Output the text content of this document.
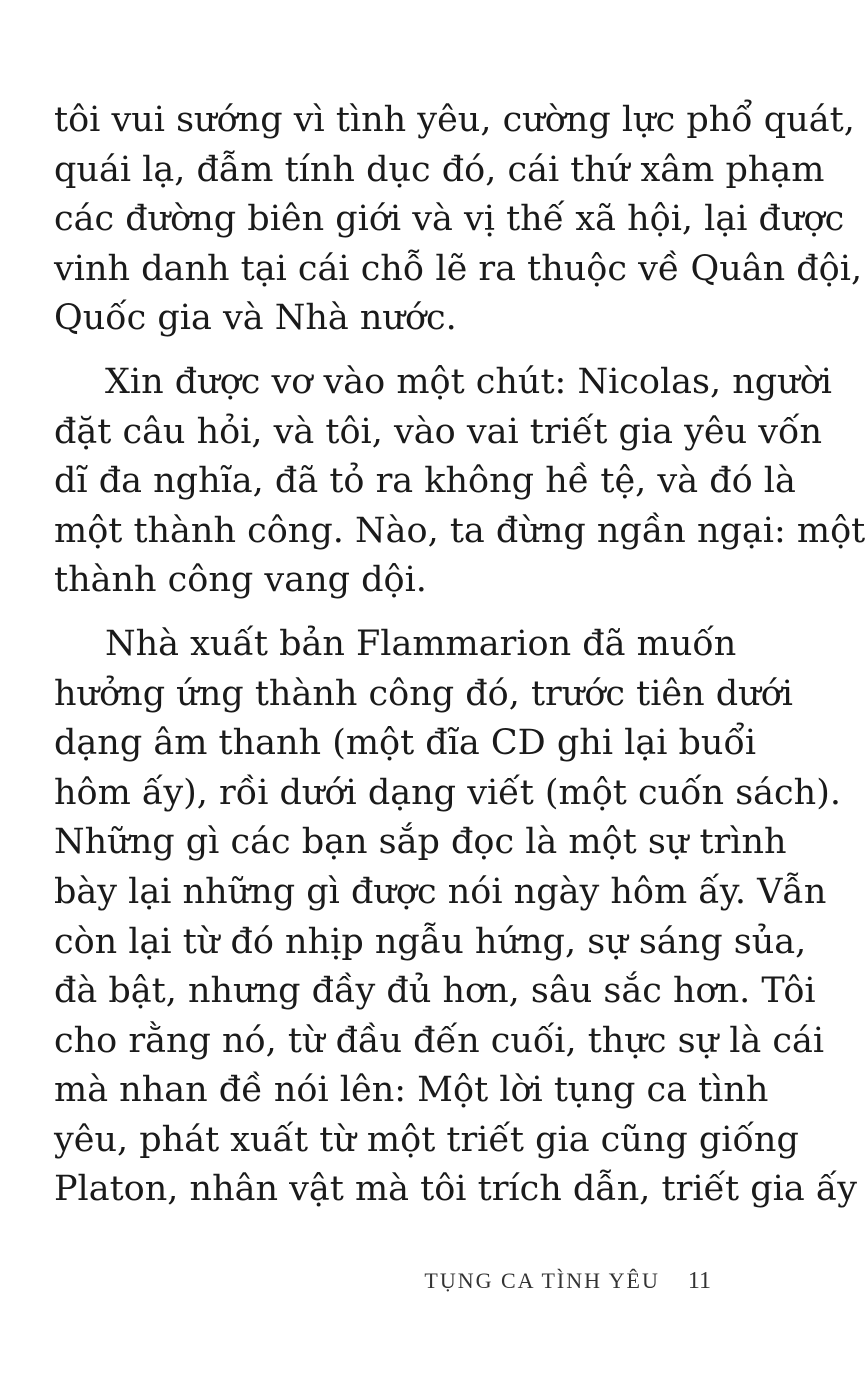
tôi vui sướng vì tình yêu, cường lực phổ quát,
quái lạ, đẫm tính dục đó, cái thứ xâm phạm
các đường biên giới và vị thế xã hội, lại được
vinh danh tại cái chỗ lẽ ra thuộc về Quân đội,
Quốc gia và Nhà nước.

Xin được vơ vào một chút: Nicolas, người
đặt câu hỏi, và tôi, vào vai triết gia yêu vốn
dĩ đa nghĩa, đã tỏ ra không hề tệ, và đó là
một thành công. Nào, ta đừng ngần ngại: một
thành công vang dội.

Nhà xuất bản Flammarion đã muốn
hưởng ứng thành công đó, trước tiên dưới
dạng âm thanh (một đĩa CD ghi lại buổi
hôm ấy), rồi dưới dạng viết (một cuốn sách).
Những gì các bạn sắp đọc là một sự trình
bày lại những gì được nói ngày hôm ấy. Vẫn
còn lại từ đó nhịp ngẫu hứng, sự sáng sủa,
đà bật, nhưng đầy đủ hơn, sâu sắc hơn. Tôi
cho rằng nó, từ đầu đến cuối, thực sự là cái
mà nhan đề nói lên: Một lời tụng ca tình
yêu, phát xuất từ một triết gia cũng giống
Platon, nhân vật mà tôi trích dẫn, triết gia ấy

TỤNG CA TÌNH YÊU 11
